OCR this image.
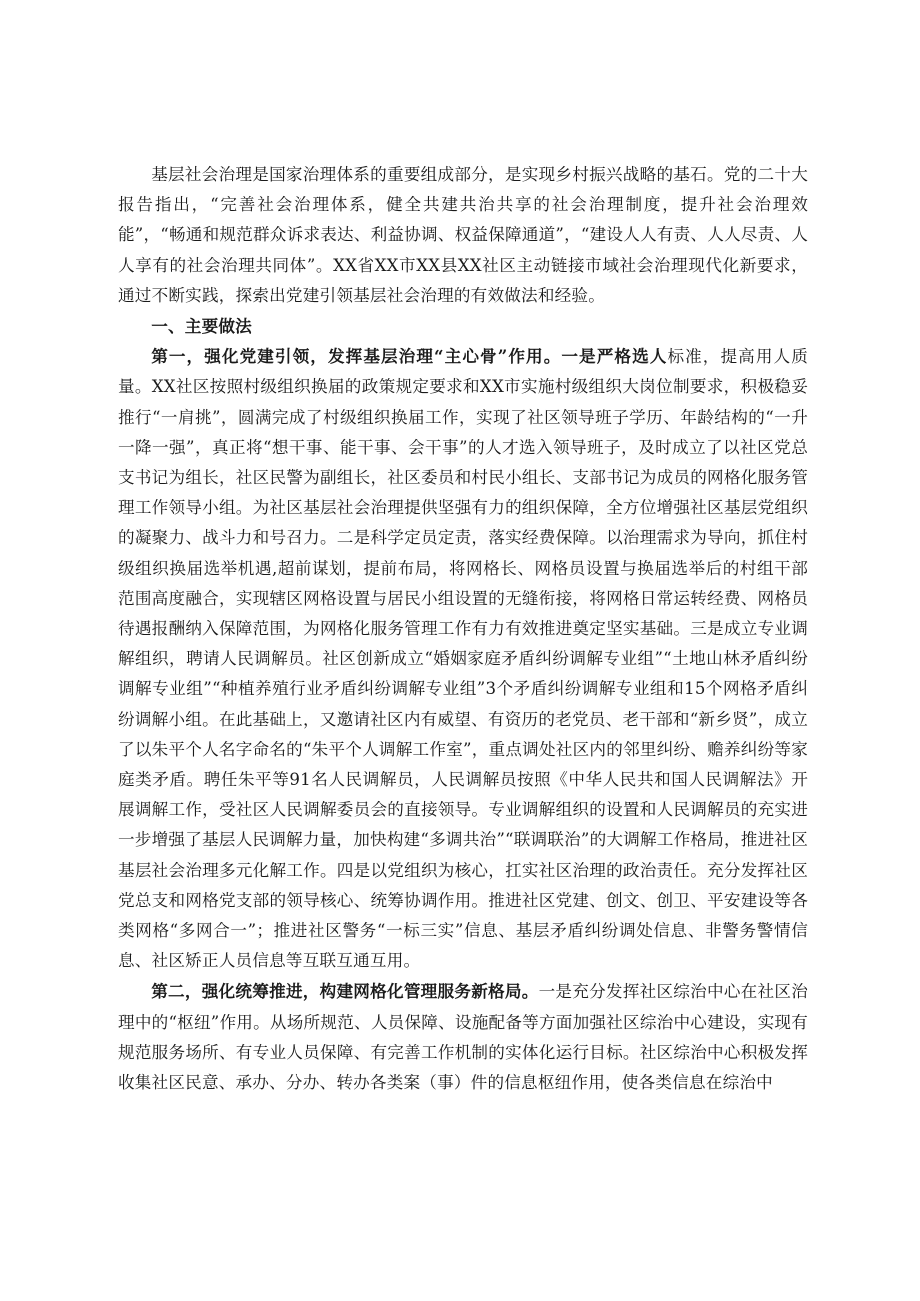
基层社会治理是国家治理体系的重要组成部分，是实现乡村振兴战略的基石。党的二十大报告指出，“完善社会治理体系，健全共建共治共享的社会治理制度，提升社会治理效能”，“畅通和规范群众诉求表达、利益协调、权益保障通道”，“建设人人有责、人人尽责、人人享有的社会治理共同体”。XX省XX市XX县XX社区主动链接市域社会治理现代化新要求，通过不断实践，探索出党建引领基层社会治理的有效做法和经验。

一、主要做法

第一，强化党建引领，发挥基层治理“主心骨”作用。一是严格选人标准，提高用人质量。XX社区按照村级组织换届的政策规定要求和XX市实施村级组织大岗位制要求，积极稳妥推行“一肩挑”，圆满完成了村级组织换届工作，实现了社区领导班子学历、年龄结构的“一升一降一强”，真正将“想干事、能干事、会干事”的人才选入领导班子，及时成立了以社区党总支书记为组长，社区民警为副组长，社区委员和村民小组长、支部书记为成员的网格化服务管理工作领导小组。为社区基层社会治理提供坚强有力的组织保障，全方位增强社区基层党组织的凝聚力、战斗力和号召力。二是科学定员定责，落实经费保障。以治理需求为导向，抓住村级组织换届选举机遇,超前谋划，提前布局，将网格长、网格员设置与换届选举后的村组干部范围高度融合，实现辖区网格设置与居民小组设置的无缝衔接，将网格日常运转经费、网格员待遇报酬纳入保障范围，为网格化服务管理工作有力有效推进奠定坚实基础。三是成立专业调解组织，聘请人民调解员。社区创新成立“婚姻家庭矛盾纠纷调解专业组”“土地山林矛盾纠纷调解专业组”“种植养殖行业矛盾纠纷调解专业组”3个矛盾纠纷调解专业组和15个网格矛盾纠纷调解小组。在此基础上，又邀请社区内有威望、有资历的老党员、老干部和“新乡贤”，成立了以朱平个人名字命名的“朱平个人调解工作室”，重点调处社区内的邻里纠纷、赡养纠纷等家庭类矛盾。聘任朱平等91名人民调解员，人民调解员按照《中华人民共和国人民调解法》开展调解工作，受社区人民调解委员会的直接领导。专业调解组织的设置和人民调解员的充实进一步增强了基层人民调解力量，加快构建“多调共治”“联调联治”的大调解工作格局，推进社区基层社会治理多元化解工作。四是以党组织为核心，扛实社区治理的政治责任。充分发挥社区党总支和网格党支部的领导核心、统筹协调作用。推进社区党建、创文、创卫、平安建设等各类网格“多网合一”；推进社区警务“一标三实”信息、基层矛盾纠纷调处信息、非警务警情信息、社区矫正人员信息等互联互通互用。

第二，强化统筹推进，构建网格化管理服务新格局。一是充分发挥社区综治中心在社区治理中的“枢纽”作用。从场所规范、人员保障、设施配备等方面加强社区综治中心建设，实现有规范服务场所、有专业人员保障、有完善工作机制的实体化运行目标。社区综治中心积极发挥收集社区民意、承办、分办、转办各类案（事）件的信息枢纽作用，使各类信息在综治中
